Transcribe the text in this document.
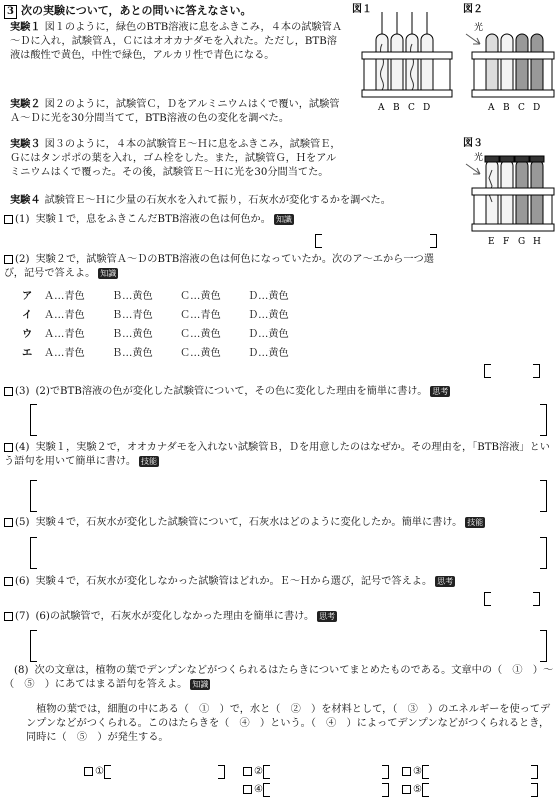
3 次の実験について，あとの問いに答えなさい。
実験１ 図１のように，緑色のBTB溶液に息をふきこみ，４本の試験管Ａ～Ｄに入れ，試験管Ａ，Ｃにはオオカナダモを入れた。ただし，BTB溶液は酸性で黄色，中性で緑色，アルカリ性で青色になる。
実験２ 図２のように，試験管Ｃ，Ｄをアルミニウムはくで覆い，試験管Ａ～Ｄに光を30分間当てて，BTB溶液の色の変化を調べた。
実験３ 図３のように，４本の試験管Ｅ～Ｈに息をふきこみ，試験管Ｅ，Ｇにはタンポポの葉を入れ，ゴム栓をした。また，試験管Ｇ，Ｈをアルミニウムはくで覆った。その後，試験管Ｅ～Ｈに光を30分間当てた。
実験４ 試験管Ｅ～Ｈに少量の石灰水を入れて振り，石灰水が変化するかを調べた。
図１
A B C D
図２
光
A B C D
図３
光
E F G H
(1) 実験１で，息をふきこんだBTB溶液の色は何色か。 知識
(2) 実験２で，試験管Ａ～ＤのBTB溶液の色は何色になっていたか。次のア～エから一つ選び，記号で答えよ。 知識
ア Ａ…青色	Ｂ…黄色	Ｃ…黄色	Ｄ…黄色
イ Ａ…青色	Ｂ…青色	Ｃ…青色	Ｄ…黄色
ウ Ａ…青色	Ｂ…黄色	Ｃ…黄色	Ｄ…黄色
エ Ａ…青色	Ｂ…黄色	Ｃ…黄色	Ｄ…黄色
(3) (2)でBTB溶液の色が変化した試験管について，その色に変化した理由を簡単に書け。 思考
(4) 実験１，実験２で，オオカナダモを入れない試験管Ｂ，Ｄを用意したのはなぜか。その理由を，「BTB溶液」という語句を用いて簡単に書け。 技能
(5) 実験４で，石灰水が変化した試験管について，石灰水はどのように変化したか。簡単に書け。 技能
(6) 実験４で，石灰水が変化しなかった試験管はどれか。Ｅ～Ｈから選び，記号で答えよ。 思考
(7) (6)の試験管で，石灰水が変化しなかった理由を簡単に書け。 思考
(8) 次の文章は，植物の葉でデンプンなどがつくられるはたらきについてまとめたものである。文章中の（　①　）～（　⑤　）にあてはまる語句を答えよ。 知識
植物の葉では，細胞の中にある（　①　）で，水と（　②　）を材料として，（　③　）のエネルギーを使ってデンプンなどがつくられる。このはたらきを（　④　）という。（　④　）によってデンプンなどがつくられるとき，同時に（　⑤　）が発生する。
①	②	③
④	⑤
